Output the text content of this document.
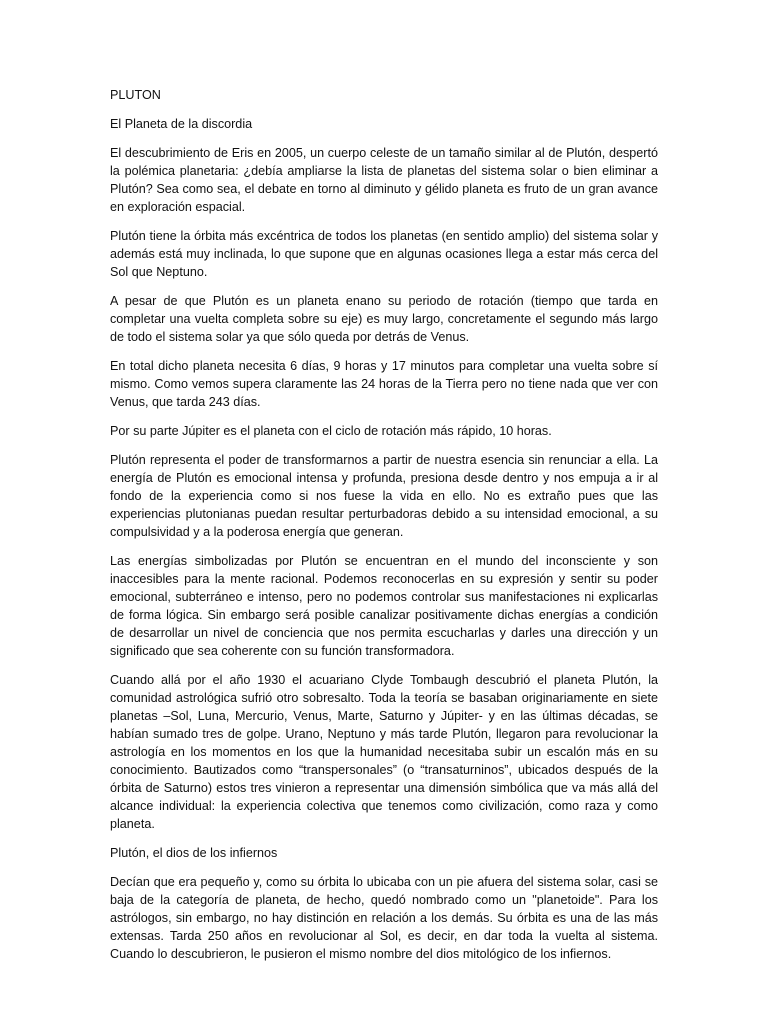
PLUTON
El Planeta de la discordia

El descubrimiento de Eris en 2005, un cuerpo celeste de un tamaño similar al de Plutón, despertó la polémica planetaria: ¿debía ampliarse la lista de planetas del sistema solar o bien eliminar a Plutón? Sea como sea, el debate en torno al diminuto y gélido planeta es fruto de un gran avance en exploración espacial.

Plutón tiene la órbita más excéntrica de todos los planetas (en sentido amplio) del sistema solar y además está muy inclinada, lo que supone que en algunas ocasiones llega a estar más cerca del Sol que Neptuno.

A pesar de que Plutón es un planeta enano su periodo de rotación (tiempo que tarda en completar una vuelta completa sobre su eje) es muy largo, concretamente el segundo más largo de todo el sistema solar ya que sólo queda por detrás de Venus.

En total dicho planeta necesita 6 días, 9 horas y 17 minutos para completar una vuelta sobre sí mismo. Como vemos supera claramente las 24 horas de la Tierra pero no tiene nada que ver con Venus, que tarda 243 días.

Por su parte Júpiter es el planeta con el ciclo de rotación más rápido, 10 horas.

Plutón representa el poder de transformarnos a partir de nuestra esencia sin renunciar a ella. La energía de Plutón es emocional intensa y profunda, presiona desde dentro y nos empuja a ir al fondo de la experiencia como si nos fuese la vida en ello. No es extraño pues que las experiencias plutonianas puedan resultar perturbadoras debido a su intensidad emocional, a su compulsividad y a la poderosa energía que generan.

Las energías simbolizadas por Plutón se encuentran en el mundo del inconsciente y son inaccesibles para la mente racional. Podemos reconocerlas en su expresión y sentir su poder emocional, subterráneo e intenso, pero no podemos controlar sus manifestaciones ni explicarlas de forma lógica. Sin embargo será posible canalizar positivamente dichas energías a condición de desarrollar un nivel de conciencia que nos permita escucharlas y darles una dirección y un significado que sea coherente con su función transformadora.

Cuando allá por el año 1930 el acuariano Clyde Tombaugh descubrió el planeta Plutón, la comunidad astrológica sufrió otro sobresalto. Toda la teoría se basaban originariamente en siete planetas –Sol, Luna, Mercurio, Venus, Marte, Saturno y Júpiter- y en las últimas décadas, se habían sumado tres de golpe. Urano, Neptuno y más tarde Plutón, llegaron para revolucionar la astrología en los momentos en los que la humanidad necesitaba subir un escalón más en su conocimiento. Bautizados como “transpersonales” (o “transaturninos”, ubicados después de la órbita de Saturno) estos tres vinieron a representar una dimensión simbólica que va más allá del alcance individual: la experiencia colectiva que tenemos como civilización, como raza y como planeta.

Plutón, el dios de los infiernos

Decían que era pequeño y, como su órbita lo ubicaba con un pie afuera del sistema solar, casi se baja de la categoría de planeta, de hecho, quedó nombrado como un "planetoide". Para los astrólogos, sin embargo, no hay distinción en relación a los demás. Su órbita es una de las más extensas. Tarda 250 años en revolucionar al Sol, es decir, en dar toda la vuelta al sistema. Cuando lo descubrieron, le pusieron el mismo nombre del dios mitológico de los infiernos.
